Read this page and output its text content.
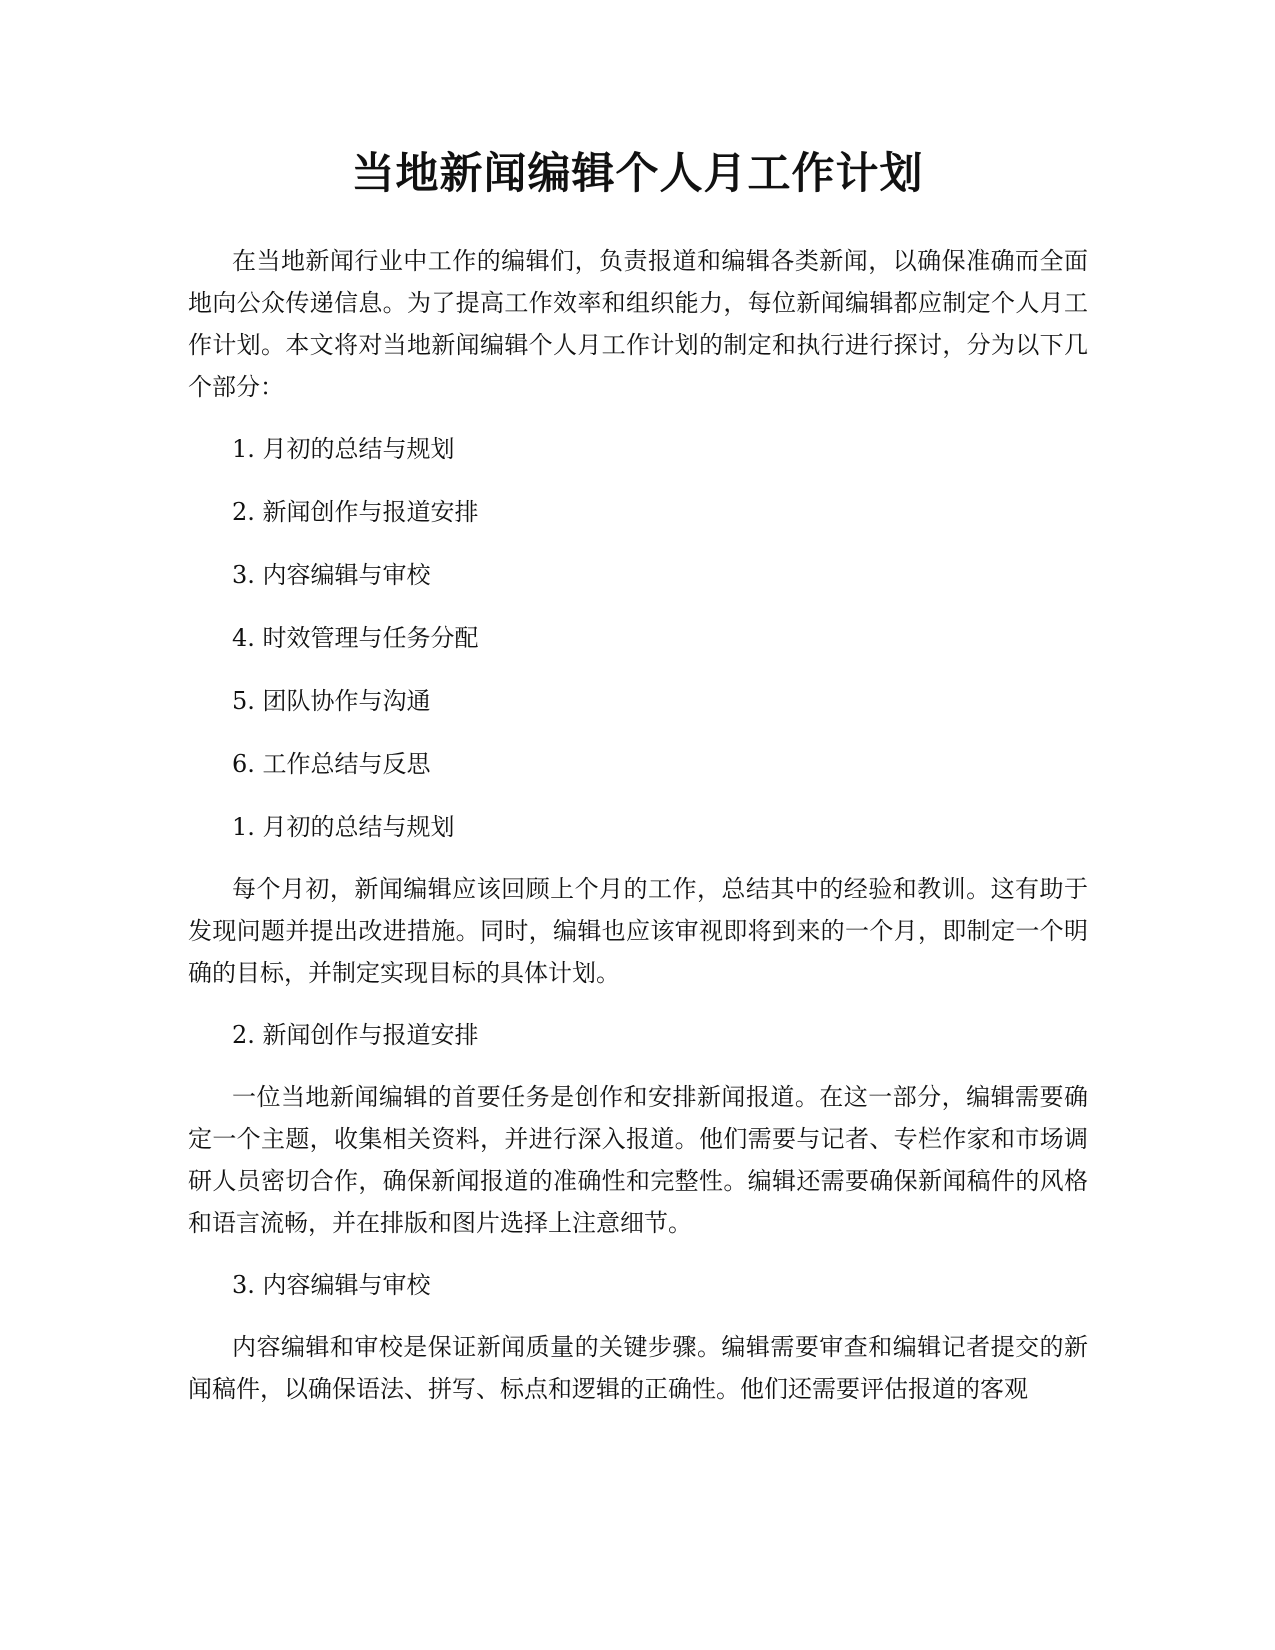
当地新闻编辑个人月工作计划

在当地新闻行业中工作的编辑们，负责报道和编辑各类新闻，以确保准确而全面地向公众传递信息。为了提高工作效率和组织能力，每位新闻编辑都应制定个人月工作计划。本文将对当地新闻编辑个人月工作计划的制定和执行进行探讨，分为以下几个部分：

1. 月初的总结与规划
2. 新闻创作与报道安排
3. 内容编辑与审校
4. 时效管理与任务分配
5. 团队协作与沟通
6. 工作总结与反思
1. 月初的总结与规划

每个月初，新闻编辑应该回顾上个月的工作，总结其中的经验和教训。这有助于发现问题并提出改进措施。同时，编辑也应该审视即将到来的一个月，即制定一个明确的目标，并制定实现目标的具体计划。

2. 新闻创作与报道安排

一位当地新闻编辑的首要任务是创作和安排新闻报道。在这一部分，编辑需要确定一个主题，收集相关资料，并进行深入报道。他们需要与记者、专栏作家和市场调研人员密切合作，确保新闻报道的准确性和完整性。编辑还需要确保新闻稿件的风格和语言流畅，并在排版和图片选择上注意细节。

3. 内容编辑与审校

内容编辑和审校是保证新闻质量的关键步骤。编辑需要审查和编辑记者提交的新闻稿件，以确保语法、拼写、标点和逻辑的正确性。他们还需要评估报道的客观
